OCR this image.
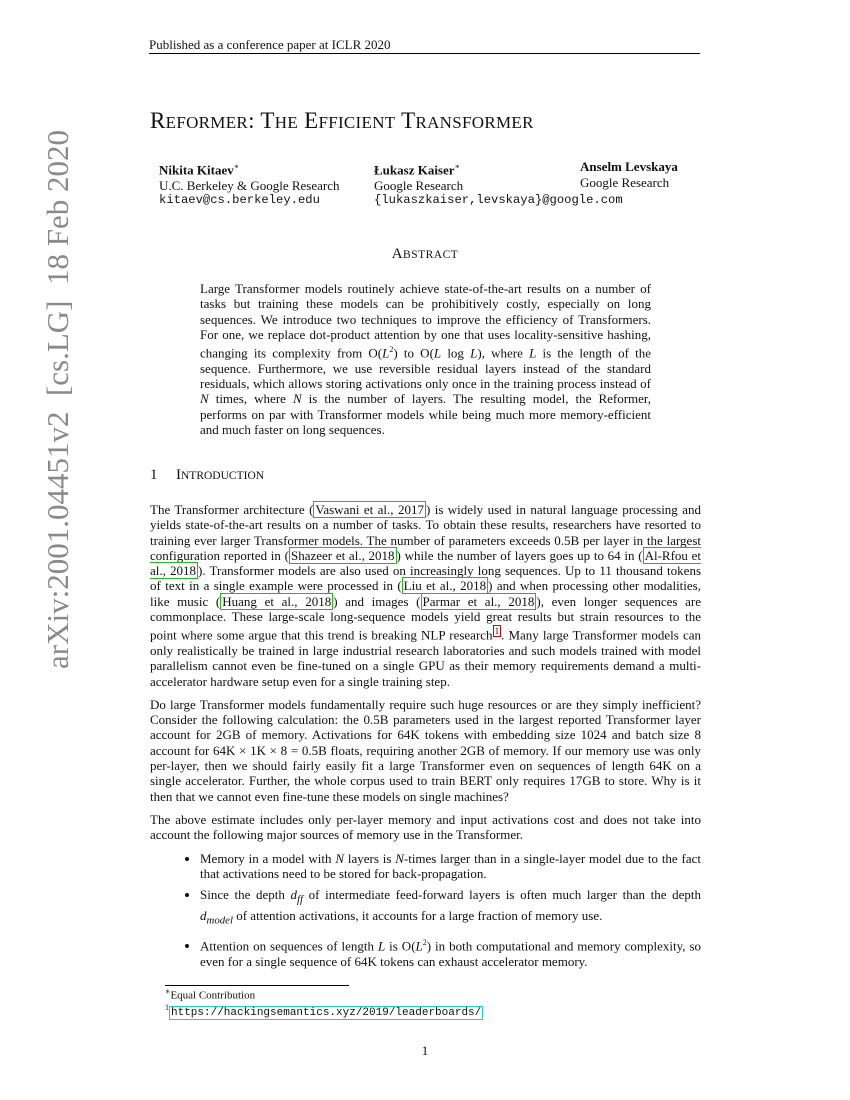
Published as a conference paper at ICLR 2020
arXiv:2001.04451v2  [cs.LG]  18 Feb 2020
REFORMER: THE EFFICIENT TRANSFORMER
Nikita Kitaev∗
U.C. Berkeley & Google Research
kitaev@cs.berkeley.edu
Łukasz Kaiser∗
Google Research
{lukaszkaiser,levskaya}@google.com
Anselm Levskaya
Google Research
ABSTRACT
Large Transformer models routinely achieve state-of-the-art results on a number of tasks but training these models can be prohibitively costly, especially on long sequences. We introduce two techniques to improve the efficiency of Transformers. For one, we replace dot-product attention by one that uses locality-sensitive hashing, changing its complexity from $O(L^2)$ to O(L log L), where L is the length of the sequence. Furthermore, we use reversible residual layers instead of the standard residuals, which allows storing activations only once in the training process instead of N times, where N is the number of layers. The resulting model, the Reformer, performs on par with Transformer models while being much more memory-efficient and much faster on long sequences.
1 INTRODUCTION

The Transformer architecture ( Vaswani et al., 2017 ) is widely used in natural language processing and yields state-of-the-art results on a number of tasks. To obtain these results, researchers have resorted to training ever larger Transformer models. The number of parameters exceeds 0.5B per layer in the largest configuration reported in ( Shazeer et al., 2018 ) while the number of layers goes up to 64 in ( Al-Rfou et al., 2018 ). Transformer models are also used on increasingly long sequences. Up to 11 thousand tokens of text in a single example were processed in ( Liu et al., 2018 ) and when processing other modalities, like music ( Huang et al., 2018 ) and images ( Parmar et al., 2018 ), even longer sequences are commonplace. These large-scale long-sequence models yield great results but strain resources to the point where some argue that this trend is breaking NLP research $^1$ . Many large Transformer models can only realistically be trained in large industrial research laboratories and such models trained with model parallelism cannot even be fine-tuned on a single GPU as their memory requirements demand a multi-accelerator hardware setup even for a single training step.

Do large Transformer models fundamentally require such huge resources or are they simply inefficient? Consider the following calculation: the 0.5B parameters used in the largest reported Transformer layer account for 2GB of memory. Activations for 64K tokens with embedding size 1024 and batch size 8 account for 64K × 1K × 8 = 0.5B floats, requiring another 2GB of memory. If our memory use was only per-layer, then we should fairly easily fit a large Transformer even on sequences of length 64K on a single accelerator. Further, the whole corpus used to train BERT only requires 17GB to store. Why is it then that we cannot even fine-tune these models on single machines?

The above estimate includes only per-layer memory and input activations cost and does not take into account the following major sources of memory use in the Transformer.

• Memory in a model with N layers is N-times larger than in a single-layer model due to the fact that activations need to be stored for back-propagation.
• Since the depth $d_{ff}$ of intermediate feed-forward layers is often much larger than the depth $d_{model}$ of attention activations, it accounts for a large fraction of memory use.
• Attention on sequences of length L is $O(L^2)$ in both computational and memory complexity, so even for a single sequence of 64K tokens can exhaust accelerator memory.
∗Equal Contribution
$^1$ https://hackingsemantics.xyz/2019/leaderboards/
1
